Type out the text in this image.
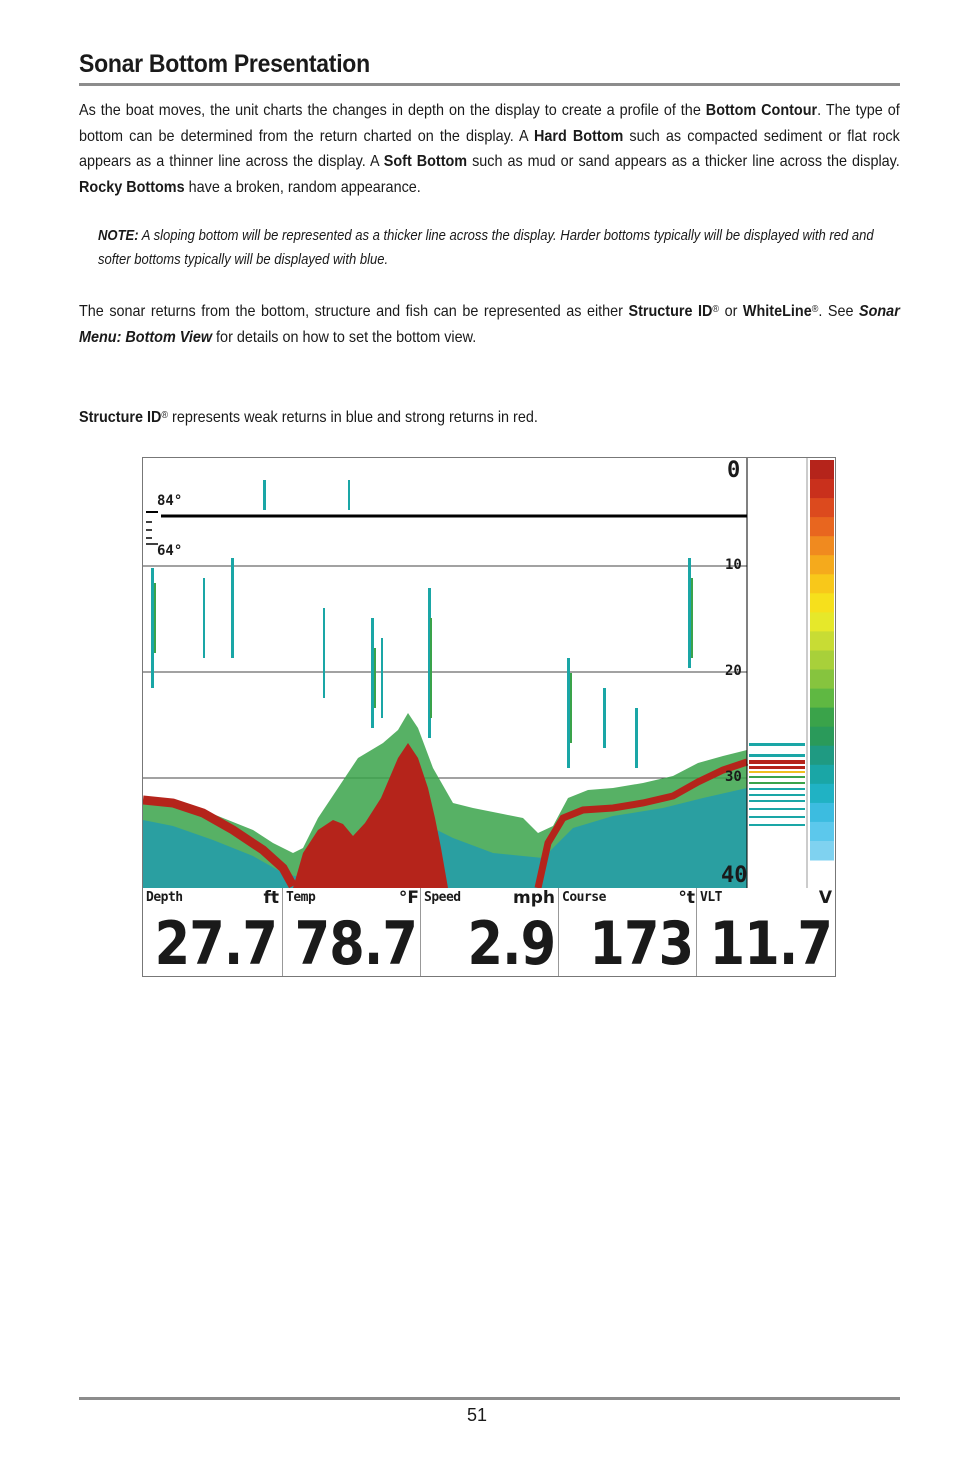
Sonar Bottom Presentation
As the boat moves, the unit charts the changes in depth on the display to create a profile of the Bottom Contour. The type of bottom can be determined from the return charted on the display. A Hard Bottom such as compacted sediment or flat rock appears as a thinner line across the display. A Soft Bottom such as mud or sand appears as a thicker line across the display. Rocky Bottoms have a broken, random appearance.
NOTE: A sloping bottom will be represented as a thicker line across the display. Harder bottoms typically will be displayed with red and softer bottoms typically will be displayed with blue.
The sonar returns from the bottom, structure and fish can be represented as either Structure ID® or WhiteLine®. See Sonar Menu: Bottom View for details on how to set the bottom view.
Structure ID® represents weak returns in blue and strong returns in red.
84°
64°
0
10
20
30
40
Depth	ft
27.7
Temp	°F
78.7
Speed	mph
2.9
Course	°t
173
VLT	V
11.7
51
